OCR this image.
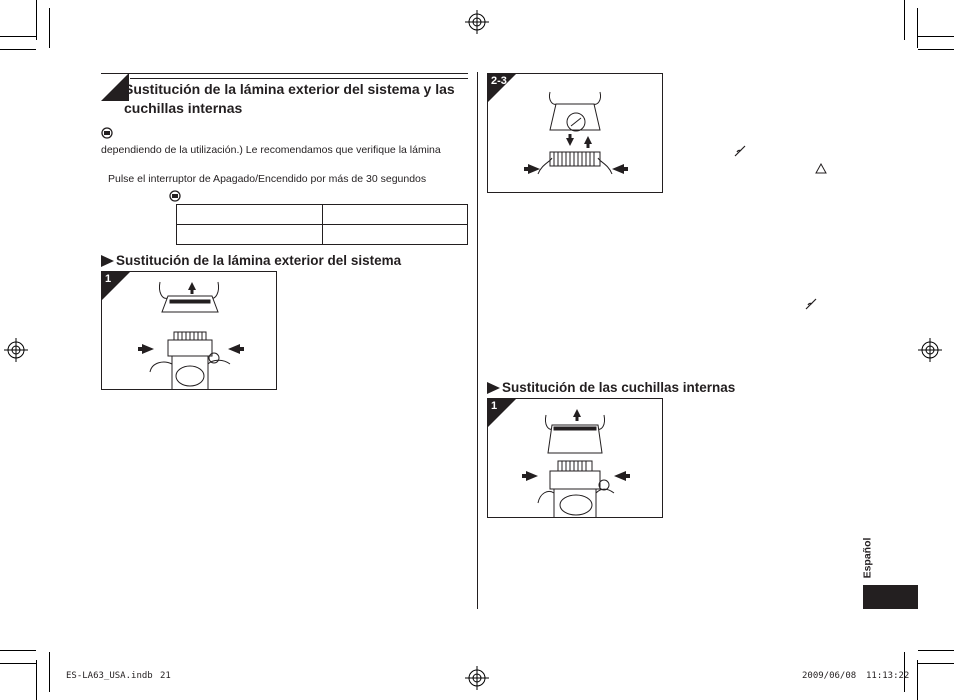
Sustitución de la lámina exterior del sistema y las cuchillas internas
dependiendo de la utilización.) Le recomendamos que verifique la lámina
Pulse el interruptor de Apagado/Encendido por más de 30 segundos

Sustitución de la lámina exterior del sistema
1
2-3
Sustitución de las cuchillas internas
1
Español
ES-LA63_USA.indb 21	2009/06/08 11:13:22
